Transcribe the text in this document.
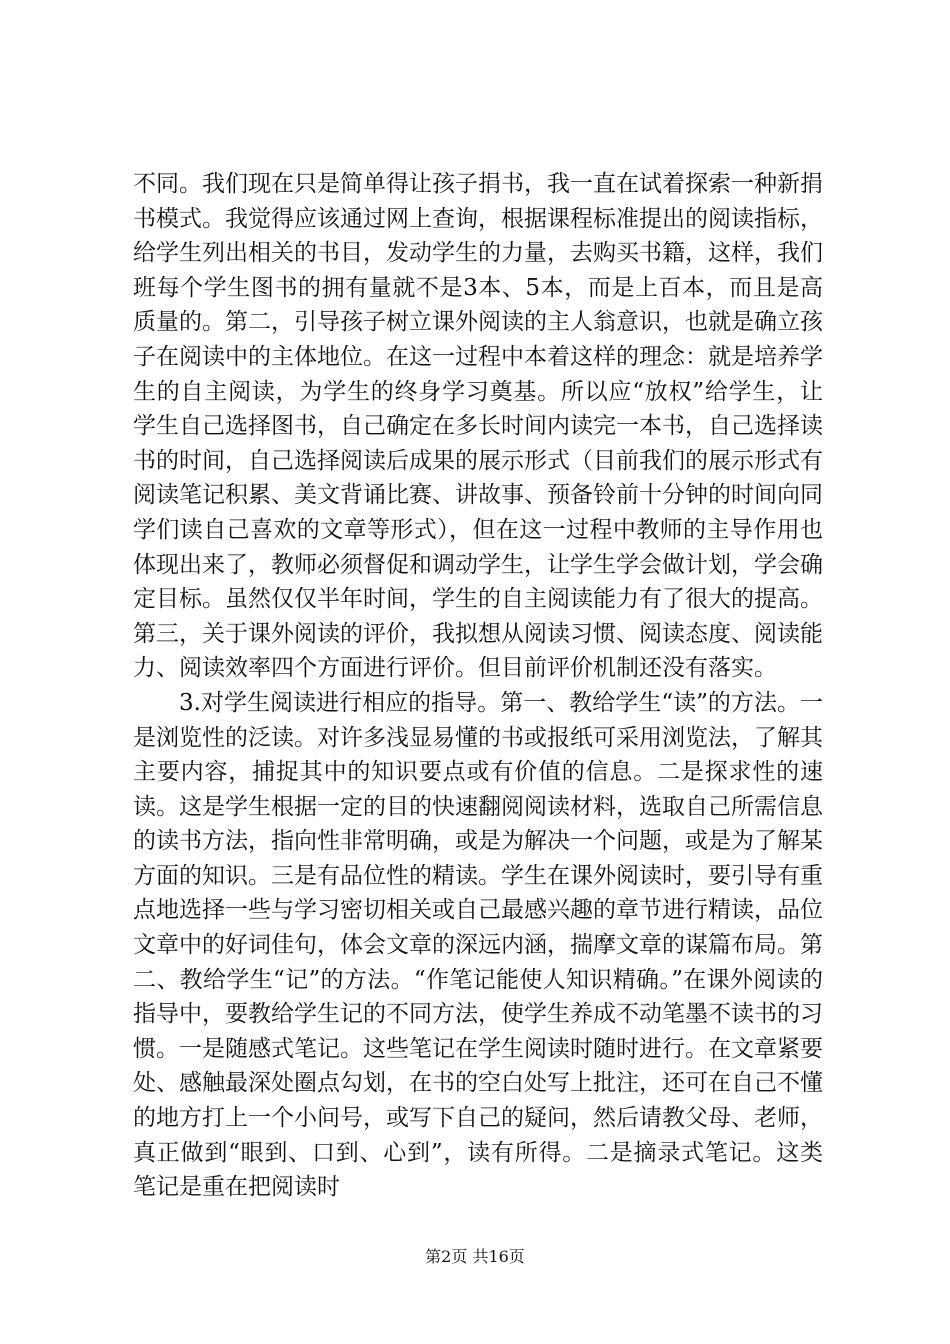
不同。我们现在只是简单得让孩子捐书，我一直在试着探索一种新捐书模式。我觉得应该通过网上查询，根据课程标准提出的阅读指标，给学生列出相关的书目，发动学生的力量，去购买书籍，这样，我们班每个学生图书的拥有量就不是3本、5本，而是上百本，而且是高质量的。第二，引导孩子树立课外阅读的主人翁意识，也就是确立孩子在阅读中的主体地位。在这一过程中本着这样的理念：就是培养学生的自主阅读，为学生的终身学习奠基。所以应“放权”给学生，让学生自己选择图书，自己确定在多长时间内读完一本书，自己选择读书的时间，自己选择阅读后成果的展示形式（目前我们的展示形式有阅读笔记积累、美文背诵比赛、讲故事、预备铃前十分钟的时间向同学们读自己喜欢的文章等形式），但在这一过程中教师的主导作用也体现出来了，教师必须督促和调动学生，让学生学会做计划，学会确定目标。虽然仅仅半年时间，学生的自主阅读能力有了很大的提高。第三，关于课外阅读的评价，我拟想从阅读习惯、阅读态度、阅读能力、阅读效率四个方面进行评价。但目前评价机制还没有落实。

3.对学生阅读进行相应的指导。第一、教给学生“读”的方法。一是浏览性的泛读。对许多浅显易懂的书或报纸可采用浏览法，了解其主要内容，捕捉其中的知识要点或有价值的信息。二是探求性的速读。这是学生根据一定的目的快速翻阅阅读材料，选取自己所需信息的读书方法，指向性非常明确，或是为解决一个问题，或是为了解某方面的知识。三是有品位性的精读。学生在课外阅读时，要引导有重点地选择一些与学习密切相关或自己最感兴趣的章节进行精读，品位文章中的好词佳句，体会文章的深远内涵，揣摩文章的谋篇布局。第二、教给学生“记”的方法。“作笔记能使人知识精确。”在课外阅读的指导中，要教给学生记的不同方法，使学生养成不动笔墨不读书的习惯。一是随感式笔记。这些笔记在学生阅读时随时进行。在文章紧要处、感触最深处圈点勾划，在书的空白处写上批注，还可在自己不懂的地方打上一个小问号，或写下自己的疑问，然后请教父母、老师，真正做到“眼到、口到、心到”，读有所得。二是摘录式笔记。这类笔记是重在把阅读时

第2页 共16页
